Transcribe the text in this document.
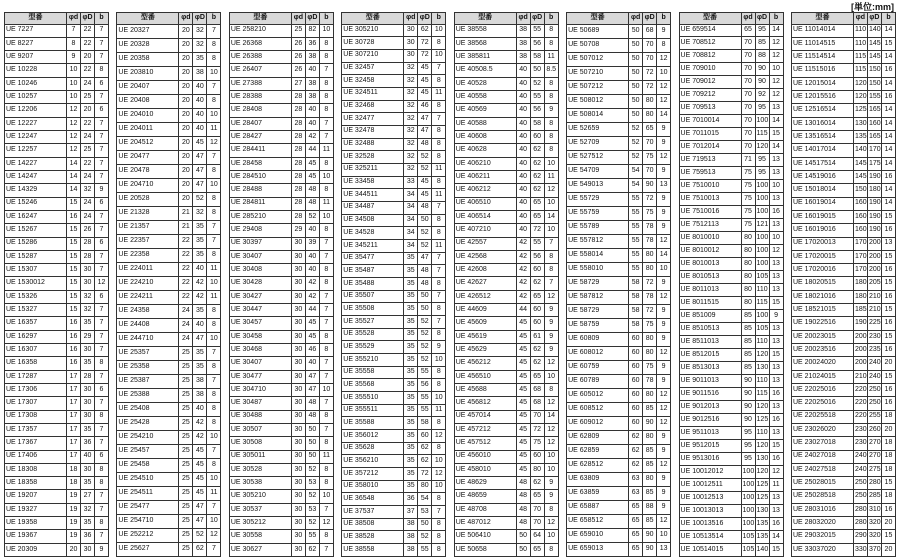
[単位:mm]
型番	φd	φD	b
UE 7227	7	22	7
UE 8227	8	22	7
UE 9207	9	20	7
UE 10228	10	22	8
UE 10246	10	24	6
UE 10257	10	25	7
UE 12206	12	20	6
UE 12227	12	22	7
UE 12247	12	24	7
UE 12257	12	25	7
UE 14227	14	22	7
UE 14247	14	24	7
UE 14329	14	32	9
UE 15246	15	24	6
UE 16247	16	24	7
UE 15267	15	26	7
UE 15286	15	28	6
UE 15287	15	28	7
UE 15307	15	30	7
UE 1530012	15	30	12
UE 15326	15	32	6
UE 15327	15	32	7
UE 16357	16	35	7
UE 16297	16	29	7
UE 16307	16	30	7
UE 16358	16	35	8
UE 17287	17	28	7
UE 17306	17	30	6
UE 17307	17	30	7
UE 17308	17	30	8
UE 17357	17	35	7
UE 17367	17	36	7
UE 17406	17	40	6
UE 18308	18	30	8
UE 18358	18	35	8
UE 19207	19	27	7
UE 19327	19	32	7
UE 19358	19	35	8
UE 19367	19	36	7
UE 20309	20	30	9
型番	φd	φD	b
UE 20327	20	32	7
UE 20328	20	32	8
UE 20358	20	35	8
UE 203810	20	38	10
UE 20407	20	40	7
UE 20408	20	40	8
UE 204010	20	40	10
UE 204011	20	40	11
UE 204512	20	45	12
UE 20477	20	47	7
UE 20478	20	47	8
UE 204710	20	47	10
UE 20528	20	52	8
UE 21328	21	32	8
UE 21357	21	35	7
UE 22357	22	35	7
UE 22358	22	35	8
UE 224011	22	40	11
UE 224210	22	42	10
UE 224211	22	42	11
UE 24358	24	35	8
UE 24408	24	40	8
UE 244710	24	47	10
UE 25357	25	35	7
UE 25358	25	35	8
UE 25387	25	38	7
UE 25388	25	38	8
UE 25408	25	40	8
UE 25428	25	42	8
UE 254210	25	42	10
UE 25457	25	45	7
UE 25458	25	45	8
UE 254510	25	45	10
UE 254511	25	45	11
UE 25477	25	47	7
UE 254710	25	47	10
UE 252212	25	52	12
UE 25627	25	62	7
型番	φd	φD	b
UE 258210	25	82	10
UE 26368	26	36	8
UE 26388	26	38	8
UE 26407	26	40	7
UE 27388	27	38	8
UE 28388	28	38	8
UE 28408	28	40	8
UE 28407	28	40	7
UE 28427	28	42	7
UE 284411	28	44	11
UE 28458	28	45	8
UE 284510	28	45	10
UE 28488	28	48	8
UE 284811	28	48	11
UE 285210	28	52	10
UE 29408	29	40	8
UE 30397	30	39	7
UE 30407	30	40	7
UE 30408	30	40	8
UE 30428	30	42	8
UE 30427	30	42	7
UE 30447	30	44	7
UE 30457	30	45	7
UE 30458	30	45	8
UE 30468	30	46	8
UE 30407	30	40	7
UE 30477	30	47	7
UE 304710	30	47	10
UE 30487	30	48	7
UE 30488	30	48	8
UE 30507	30	50	7
UE 30508	30	50	8
UE 305011	30	50	11
UE 30528	30	52	8
UE 30538	30	53	8
UE 305210	30	52	10
UE 30537	30	53	7
UE 305212	30	52	12
UE 30558	30	55	8
UE 30627	30	62	7
型番	φd	φD	b
UE 305210	30	62	10
UE 30728	30	72	8
UE 307210	30	72	10
UE 32457	32	45	7
UE 32458	32	45	8
UE 324511	32	45	11
UE 32468	32	46	8
UE 32477	32	47	7
UE 32478	32	47	8
UE 32488	32	48	8
UE 32528	32	52	8
UE 325211	32	52	11
UE 33458	33	45	8
UE 344511	34	45	11
UE 34487	34	48	7
UE 34508	34	50	8
UE 34528	34	52	8
UE 345211	34	52	11
UE 35477	35	47	7
UE 35487	35	48	7
UE 35488	35	48	8
UE 35507	35	50	7
UE 35508	35	50	8
UE 35527	35	52	7
UE 35528	35	52	8
UE 35529	35	52	9
UE 355210	35	52	10
UE 35558	35	55	8
UE 35568	35	56	8
UE 355510	35	55	10
UE 355511	35	55	11
UE 35588	35	58	8
UE 356012	35	60	12
UE 35628	35	62	8
UE 356210	35	62	10
UE 357212	35	72	12
UE 358010	35	80	10
UE 36548	36	54	8
UE 37537	37	53	7
UE 38508	38	50	8
UE 38528	38	52	8
UE 38558	38	55	8
型番	φd	φD	b
UE 38558	38	55	8
UE 38568	38	56	8
UE 385811	38	58	11
UE 40508.5	40	50	8.5
UE 40528	40	52	8
UE 40558	40	55	8
UE 40569	40	56	9
UE 40588	40	58	8
UE 40608	40	60	8
UE 40628	40	62	8
UE 406210	40	62	10
UE 406211	40	62	11
UE 406212	40	62	12
UE 406510	40	65	10
UE 406514	40	65	14
UE 407210	40	72	10
UE 42557	42	55	7
UE 42568	42	56	8
UE 42608	42	60	8
UE 42627	42	62	7
UE 426512	42	65	12
UE 44609	44	60	9
UE 45609	45	60	9
UE 45619	45	61	9
UE 45629	45	62	9
UE 456212	45	62	12
UE 456510	45	65	10
UE 45688	45	68	8
UE 456812	45	68	12
UE 457014	45	70	14
UE 457212	45	72	12
UE 457512	45	75	12
UE 456010	45	60	10
UE 458010	45	80	10
UE 48629	48	62	9
UE 48659	48	65	9
UE 48708	48	70	8
UE 487012	48	70	12
UE 506410	50	64	10
UE 50658	50	65	8
型番	φd	φD	b
UE 50689	50	68	9
UE 50708	50	70	8
UE 507012	50	70	12
UE 507210	50	72	10
UE 507212	50	72	12
UE 508012	50	80	12
UE 508014	50	80	14
UE 52659	52	65	9
UE 52709	52	70	9
UE 527512	52	75	12
UE 54709	54	70	9
UE 549013	54	90	13
UE 55729	55	72	9
UE 55759	55	75	9
UE 55789	55	78	9
UE 557812	55	78	12
UE 558014	55	80	14
UE 558010	55	80	10
UE 58729	58	72	9
UE 587812	58	78	12
UE 58729	58	72	9
UE 58759	58	75	9
UE 60809	60	80	9
UE 608012	60	80	12
UE 60759	60	75	9
UE 60789	60	78	9
UE 605012	60	80	12
UE 608512	60	85	12
UE 609012	60	90	12
UE 62809	62	80	9
UE 62859	62	85	9
UE 628512	62	85	12
UE 63809	63	80	9
UE 63859	63	85	9
UE 65887	65	88	9
UE 658512	65	85	12
UE 659010	65	90	10
UE 659013	65	90	13
型番	φd	φD	b
UE 659514	65	95	14
UE 708512	70	85	12
UE 708812	70	88	12
UE 709010	70	90	10
UE 709012	70	90	12
UE 709212	70	92	12
UE 709513	70	95	13
UE 7010014	70	100	14
UE 7011015	70	115	15
UE 7012014	70	120	14
UE 719513	71	95	13
UE 759513	75	95	13
UE 7510010	75	100	10
UE 7510013	75	100	13
UE 7510016	75	100	16
UE 7512113	75	121	13
UE 8010010	80	100	10
UE 8010012	80	100	12
UE 8010013	80	100	13
UE 8010513	80	105	13
UE 8011013	80	110	13
UE 8011515	80	115	15
UE 851009	85	100	9
UE 8510513	85	105	13
UE 8511013	85	110	13
UE 8512015	85	120	15
UE 8513013	85	130	13
UE 9011013	90	110	13
UE 9011516	90	115	16
UE 9012013	90	120	13
UE 9012516	90	125	16
UE 9511013	95	110	13
UE 9512015	95	120	15
UE 9513016	95	130	16
UE 10012012	100	120	12
UE 10012511	100	125	11
UE 10012513	100	125	13
UE 10013013	100	130	13
UE 10013516	100	135	16
UE 10513514	105	135	14
UE 10514015	105	140	15
型番	φd	φD	b
UE 11014014	110	140	14
UE 11014515	110	145	15
UE 11514514	115	145	14
UE 11515016	115	150	16
UE 12015014	120	150	14
UE 12015516	120	155	16
UE 12516514	125	165	14
UE 13016014	130	160	14
UE 13516514	135	165	14
UE 14017014	140	170	14
UE 14517514	145	175	14
UE 14519016	145	190	16
UE 15018014	150	180	14
UE 16019014	160	190	14
UE 16019015	160	190	15
UE 16019016	160	190	16
UE 17020013	170	200	13
UE 17020015	170	200	15
UE 17020016	170	200	16
UE 18020515	180	205	15
UE 18021016	180	210	16
UE 18521015	185	210	15
UE 19022516	190	225	16
UE 20023015	200	230	15
UE 20023516	200	235	16
UE 20024020	200	240	20
UE 21024015	210	240	15
UE 22025016	220	250	16
UE 22025016	220	250	16
UE 22025518	220	255	18
UE 23026020	230	260	20
UE 23027018	230	270	18
UE 24027018	240	270	18
UE 24027518	240	275	18
UE 25028015	250	280	15
UE 25028518	250	285	18
UE 28031016	280	310	16
UE 28032020	280	320	20
UE 29032015	290	320	15
UE 33037020	330	370	20
